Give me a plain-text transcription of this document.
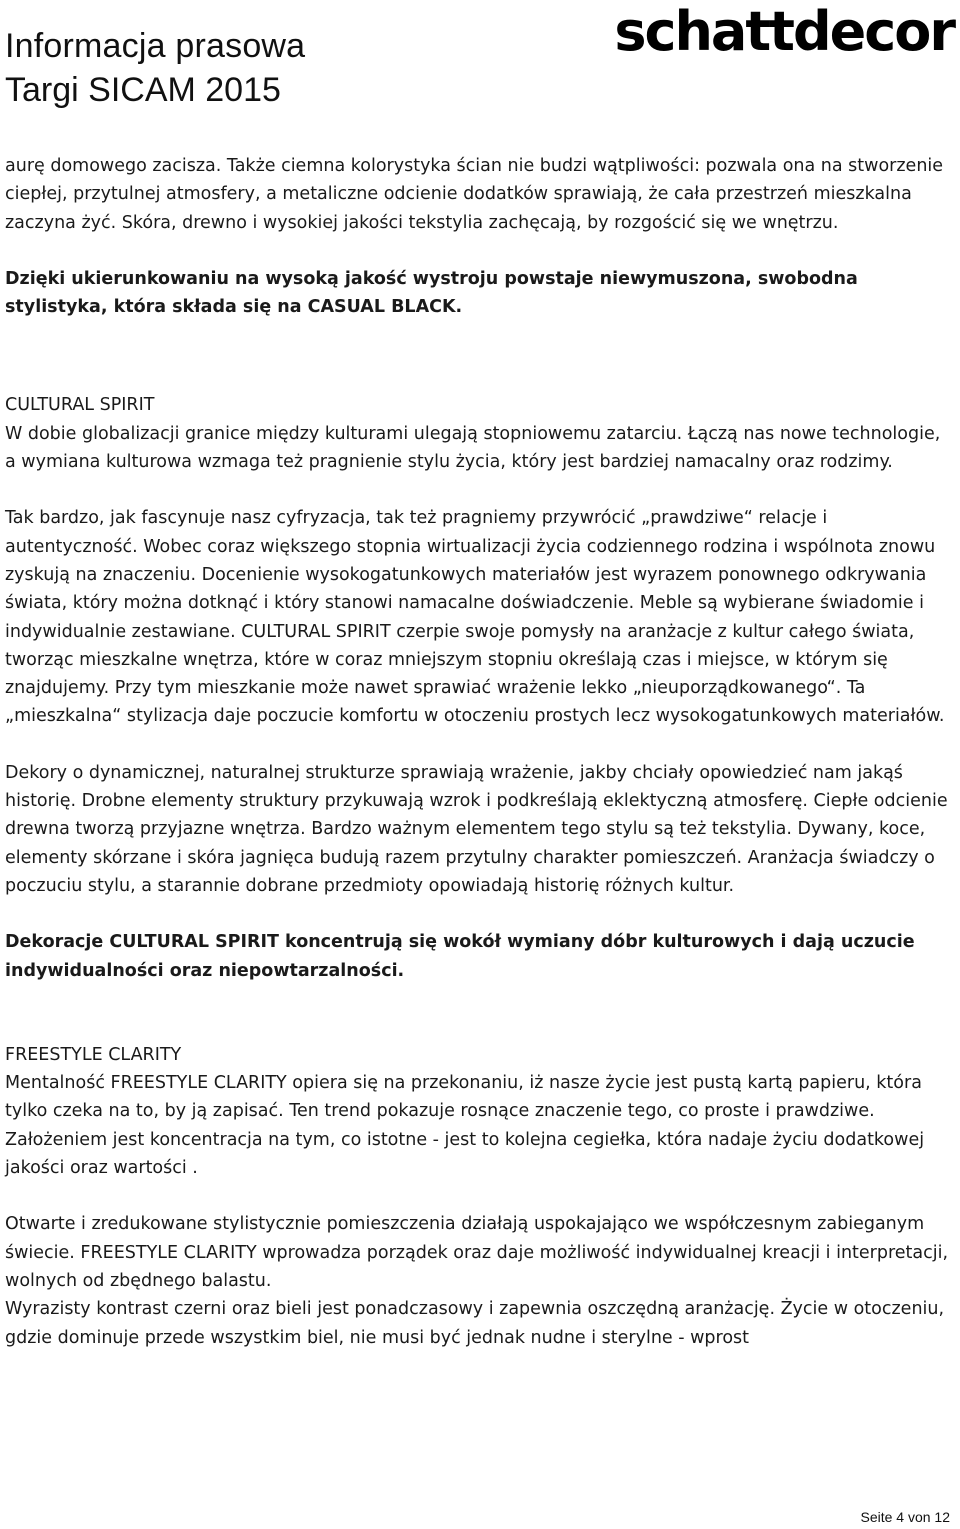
Informacja prasowa
Targi SICAM 2015
schattdecor

aurę domowego zacisza. Także ciemna kolorystyka ścian nie budzi wątpliwości: pozwala ona na stworzenie ciepłej, przytulnej atmosfery, a metaliczne odcienie dodatków sprawiają, że cała przestrzeń mieszkalna zaczyna żyć. Skóra, drewno i wysokiej jakości tekstylia zachęcają, by rozgościć się we wnętrzu.

Dzięki ukierunkowaniu na wysoką jakość wystroju powstaje niewymuszona, swobodna stylistyka, która składa się na CASUAL BLACK.

CULTURAL SPIRIT

W dobie globalizacji granice między kulturami ulegają stopniowemu zatarciu. Łączą nas nowe technologie, a wymiana kulturowa wzmaga też pragnienie stylu życia, który jest bardziej namacalny oraz rodzimy.

Tak bardzo, jak fascynuje nasz cyfryzacja, tak też pragniemy przywrócić „prawdziwe“ relacje i autentyczność. Wobec coraz większego stopnia wirtualizacji życia codziennego rodzina i wspólnota znowu zyskują na znaczeniu. Docenienie wysokogatunkowych materiałów jest wyrazem ponownego odkrywania świata, który można dotknąć i który stanowi namacalne doświadczenie. Meble są wybierane świadomie i indywidualnie zestawiane. CULTURAL SPIRIT czerpie swoje pomysły na aranżacje z kultur całego świata, tworząc mieszkalne wnętrza, które w coraz mniejszym stopniu określają czas i miejsce, w którym się znajdujemy. Przy tym mieszkanie może nawet sprawiać wrażenie lekko „nieuporządkowanego“. Ta „mieszkalna“ stylizacja daje poczucie komfortu w otoczeniu prostych lecz wysokogatunkowych materiałów.

Dekory o dynamicznej, naturalnej strukturze sprawiają wrażenie, jakby chciały opowiedzieć nam jakąś historię. Drobne elementy struktury przykuwają wzrok i podkreślają eklektyczną atmosferę. Ciepłe odcienie drewna tworzą przyjazne wnętrza. Bardzo ważnym elementem tego stylu są też tekstylia. Dywany, koce, elementy skórzane i skóra jagnięca budują razem przytulny charakter pomieszczeń. Aranżacja świadczy o poczuciu stylu, a starannie dobrane przedmioty opowiadają historię różnych kultur.

Dekoracje CULTURAL SPIRIT koncentrują się wokół wymiany dóbr kulturowych i dają uczucie indywidualności oraz niepowtarzalności.

FREESTYLE CLARITY

Mentalność FREESTYLE CLARITY opiera się na przekonaniu, iż nasze życie jest pustą kartą papieru, która tylko czeka na to, by ją zapisać. Ten trend pokazuje rosnące znaczenie tego, co proste i prawdziwe. Założeniem jest koncentracja na tym, co istotne - jest to kolejna cegiełka, która nadaje życiu dodatkowej jakości oraz wartości .

Otwarte i zredukowane stylistycznie pomieszczenia działają uspokajająco we współczesnym zabieganym świecie. FREESTYLE CLARITY wprowadza porządek oraz daje możliwość indywidualnej kreacji i interpretacji, wolnych od zbędnego balastu.

Wyrazisty kontrast czerni oraz bieli jest ponadczasowy i zapewnia oszczędną aranżację. Życie w otoczeniu, gdzie dominuje przede wszystkim biel, nie musi być jednak nudne i sterylne - wprost

Seite 4 von 12
